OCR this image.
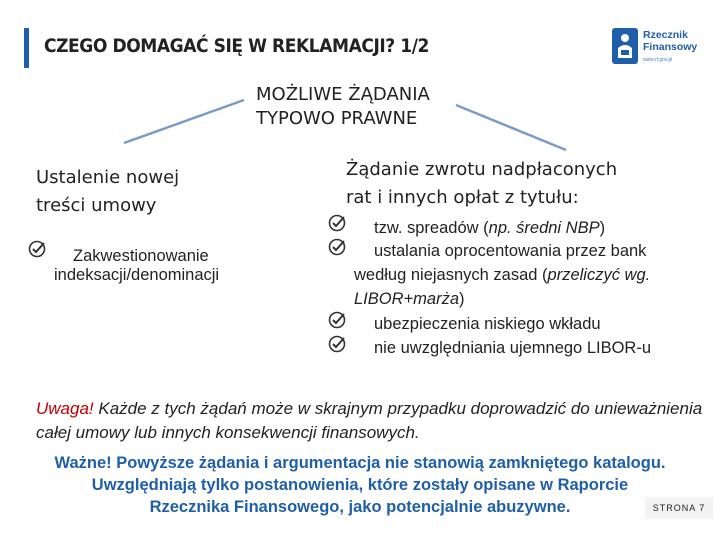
CZEGO DOMAGAĆ SIĘ W REKLAMACJI? 1/2	Rzecznik Finansowy
www.rf.gov.pl
MOŻLIWE ŻĄDANIA
TYPOWO PRAWNE
Ustalenie nowej
treści umowy
Zakwestionowanie
indeksacji/denominacji
Żądanie zwrotu nadpłaconych
rat i innych opłat z tytułu:
tzw. spreadów (np. średni NBP)
ustalania oprocentowania przez bank
według niejasnych zasad (przeliczyć wg.
LIBOR+marża)
ubezpieczenia niskiego wkładu
nie uwzględniania ujemnego LIBOR-u
Uwaga! Każde z tych żądań może w skrajnym przypadku doprowadzić do unieważnienia całej umowy lub innych konsekwencji finansowych.
Ważne! Powyższe żądania i argumentacja nie stanowią zamkniętego katalogu.
Uwzględniają tylko postanowienia, które zostały opisane w Raporcie
Rzecznika Finansowego, jako potencjalnie abuzywne.	STRONA 7
